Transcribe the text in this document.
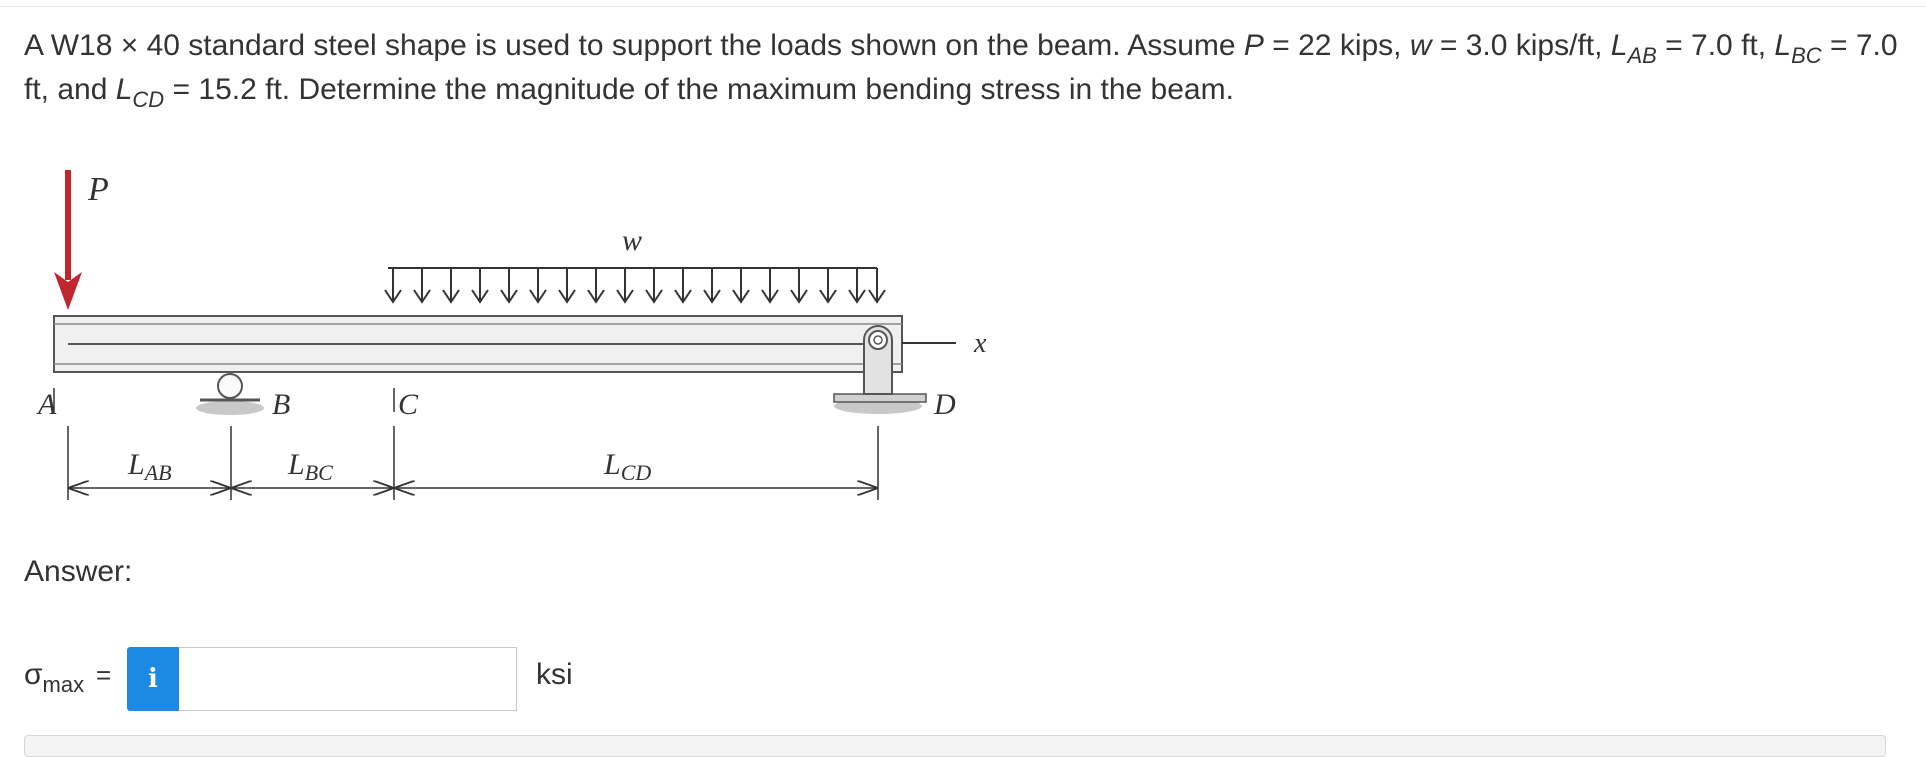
A W18 × 40 standard steel shape is used to support the loads shown on the beam. Assume P = 22 kips, w = 3.0 kips/ft, $L_{AB} = 7.0$ ft, $L_{BC} = 7.0$ ft, and $L_{CD} = 15.2$ ft. Determine the magnitude of the maximum bending stress in the beam.
P
w
x
A	B	C	D
$L_{AB}$	$L_{BC}$	$L_{CD}$
Answer:
$\sigma_{max}$ =	i	ksi
